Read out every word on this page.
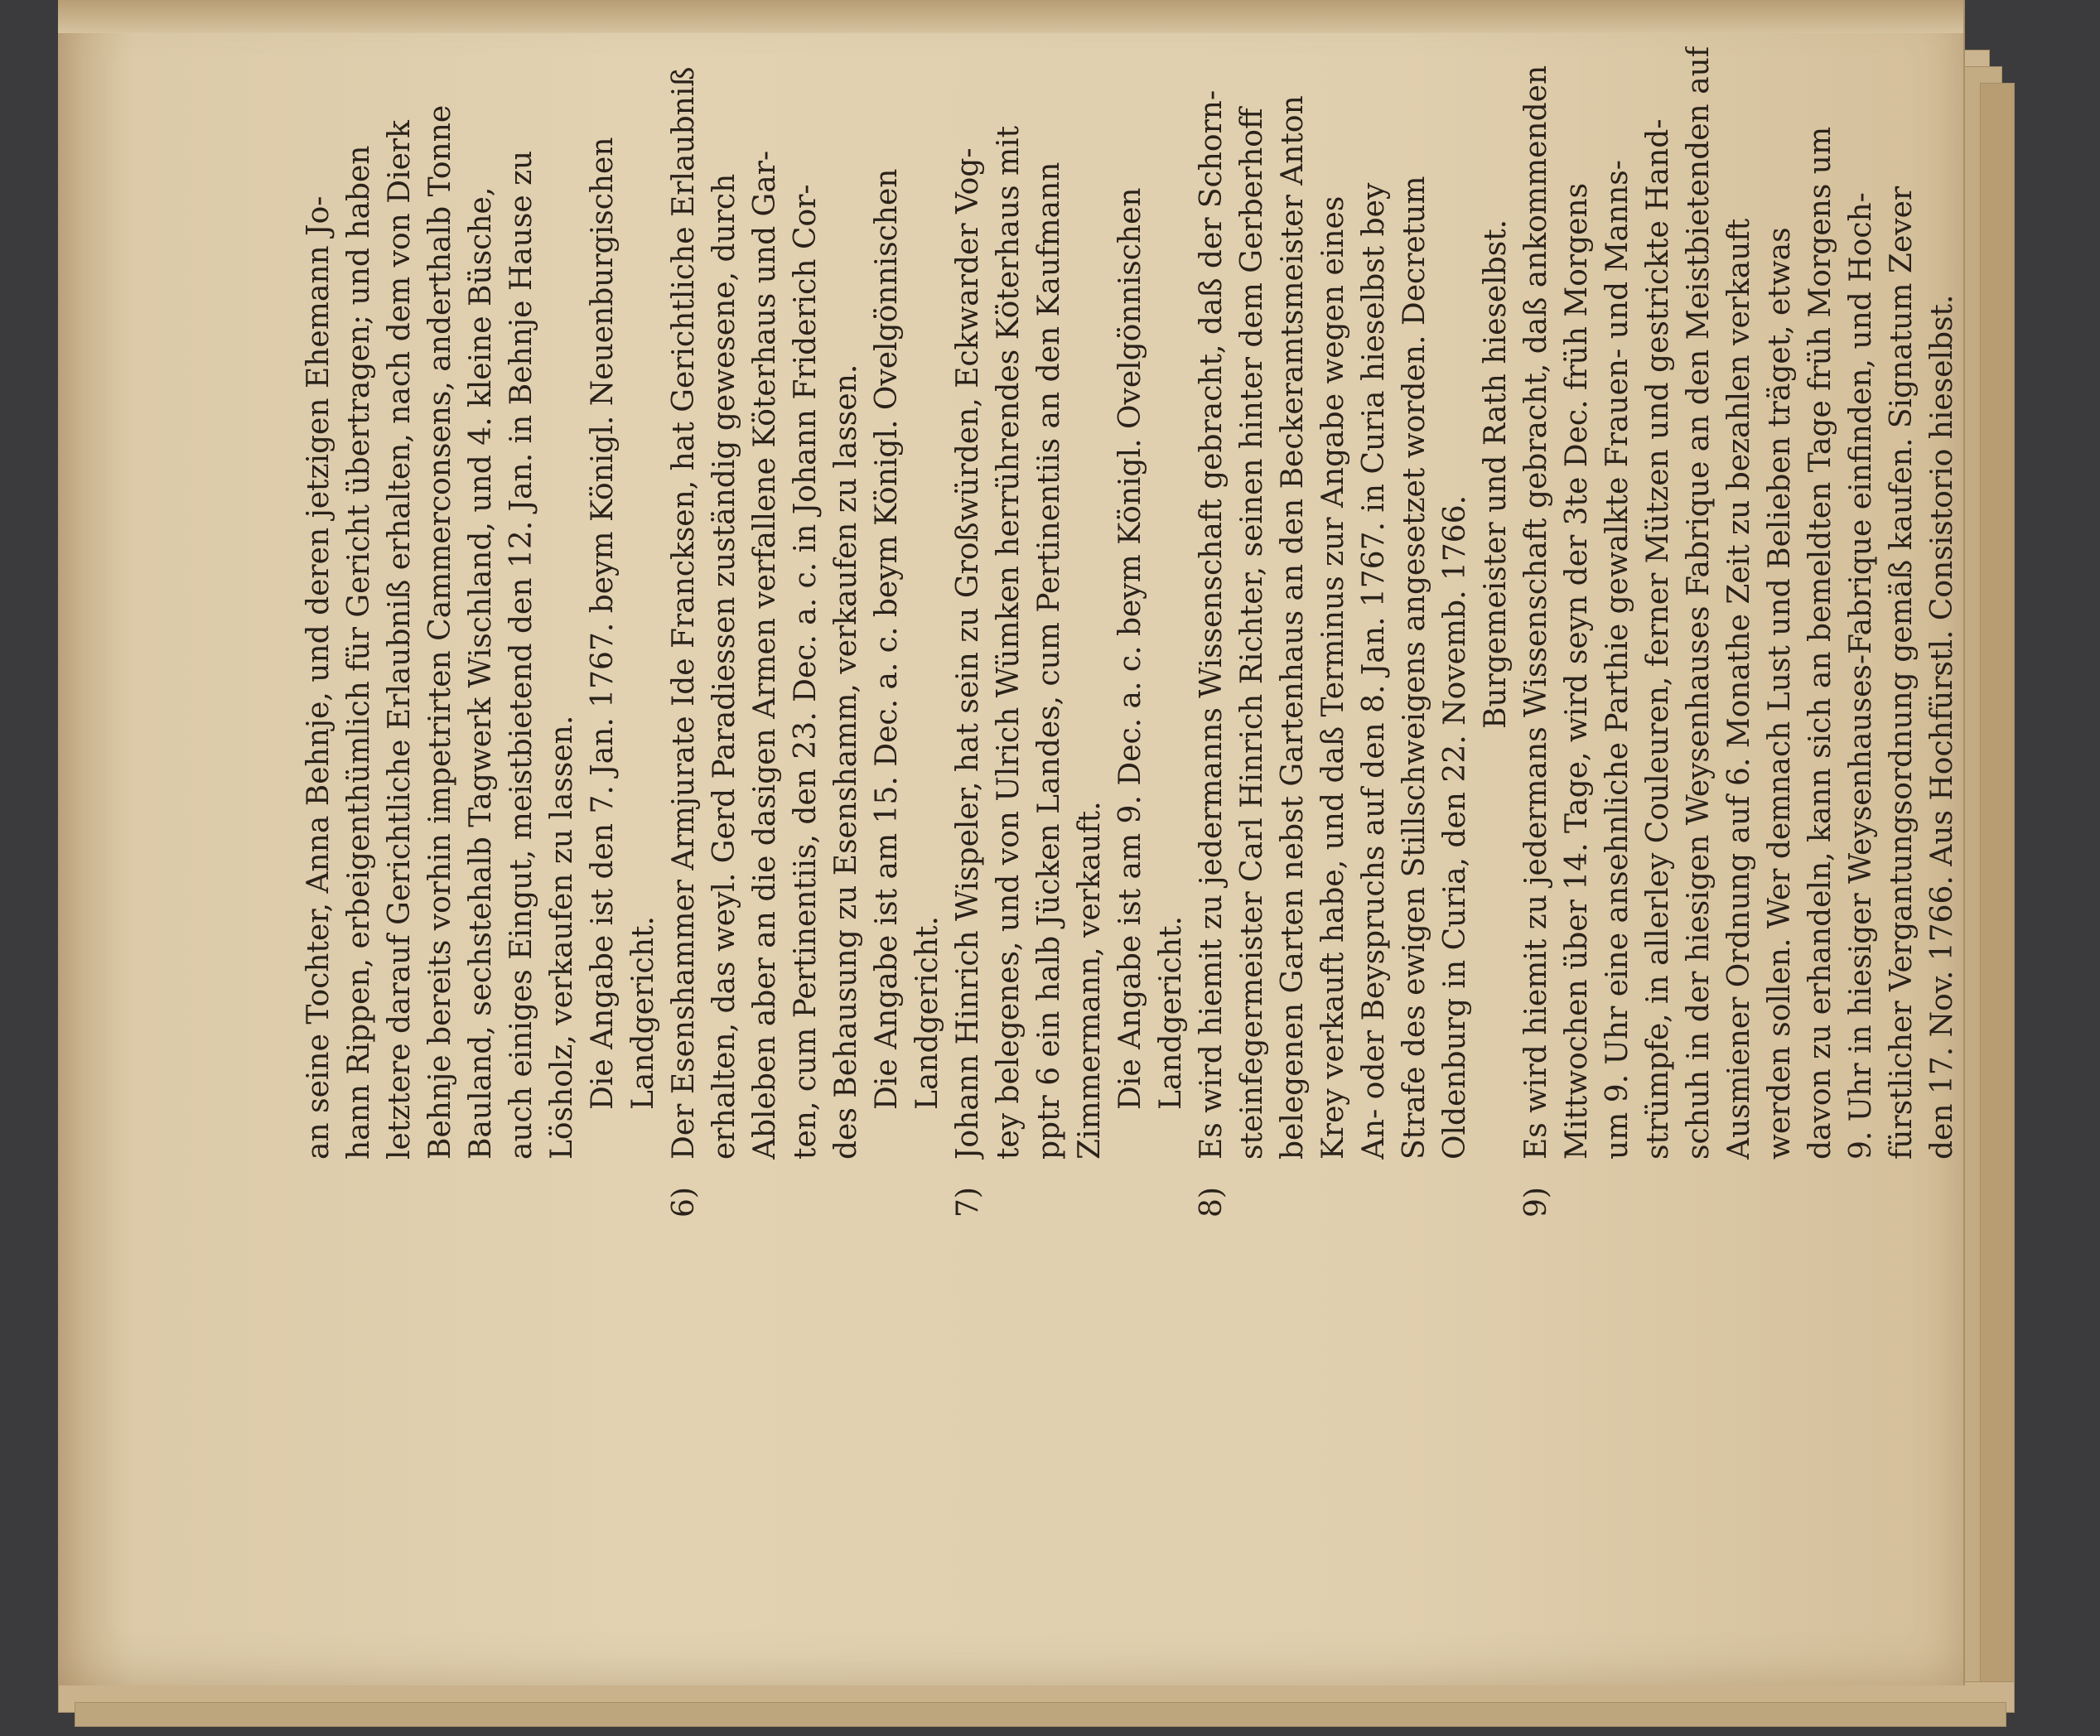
an seine Tochter, Anna Behnje, und deren jetzigen Ehemann Jo- hann Rippen, erbeigenthümlich für Gericht übertragen; und haben letztere darauf Gerichtliche Erlaubniß erhalten, nach dem von Dierk Behnje bereits vorhin impetrirten Cammerconsens, anderthalb Tonne Bauland, sechstehalb Tagwerk Wischland, und 4. kleine Büsche, auch einiges Eingut, meistbietend den 12. Jan. in Behnje Hause zu Lösholz, verkaufen zu lassen. Die Angabe ist den 7. Jan. 1767. beym Königl. Neuenburgischen Landgericht.
6)
Der Esenshammer Armjurate Ide Francksen, hat Gerichtliche Erlaubniß erhalten, das weyl. Gerd Paradiessen zuständig gewesene, durch Ableben aber an die dasigen Armen verfallene Köterhaus und Gar- ten, cum Pertinentiis, den 23. Dec. a. c. in Johann Friderich Cor- des Behausung zu Esenshamm, verkaufen zu lassen. Die Angabe ist am 15. Dec. a. c. beym Königl. Ovelgönnischen Landgericht.
7)
Johann Hinrich Wispeler, hat sein zu Großwürden, Eckwarder Vog- tey belegenes, und von Ulrich Wümken herrührendes Köterhaus mit pptr 6 ein halb Jücken Landes, cum Pertinentiis an den Kaufmann Zimmermann, verkauft. Die Angabe ist am 9. Dec. a. c. beym Königl. Ovelgönnischen Landgericht.
8)
Es wird hiemit zu jedermanns Wissenschaft gebracht, daß der Schorn- steinfegermeister Carl Hinrich Richter, seinen hinter dem Gerberhoff belegenen Garten nebst Gartenhaus an den Beckeramtsmeister Anton Krey verkauft habe, und daß Terminus zur Angabe wegen eines An- oder Beyspruchs auf den 8. Jan. 1767. in Curia hieselbst bey Strafe des ewigen Stillschweigens angesetzet worden. Decretum Oldenburg in Curia, den 22. Novemb. 1766.
Burgemeister und Rath hieselbst.
9)
Es wird hiemit zu jedermans Wissenschaft gebracht, daß ankommenden Mittwochen über 14. Tage, wird seyn der 3te Dec. früh Morgens um 9. Uhr eine ansehnliche Parthie gewalkte Frauen- und Manns- strümpfe, in allerley Couleuren, ferner Mützen und gestrickte Hand- schuh in der hiesigen Weysenhauses Fabrique an den Meistbietenden auf Ausmiener Ordnung auf 6. Monathe Zeit zu bezahlen verkauft werden sollen. Wer demnach Lust und Belieben träget, etwas davon zu erhandeln, kann sich an bemeldten Tage früh Morgens um 9. Uhr in hiesiger Weysenhauses-Fabrique einfinden, und Hoch- fürstlicher Vergantungsordnung gemäß kaufen. Signatum Zever den 17. Nov. 1766. Aus Hochfürstl. Consistorio hieselbst.
